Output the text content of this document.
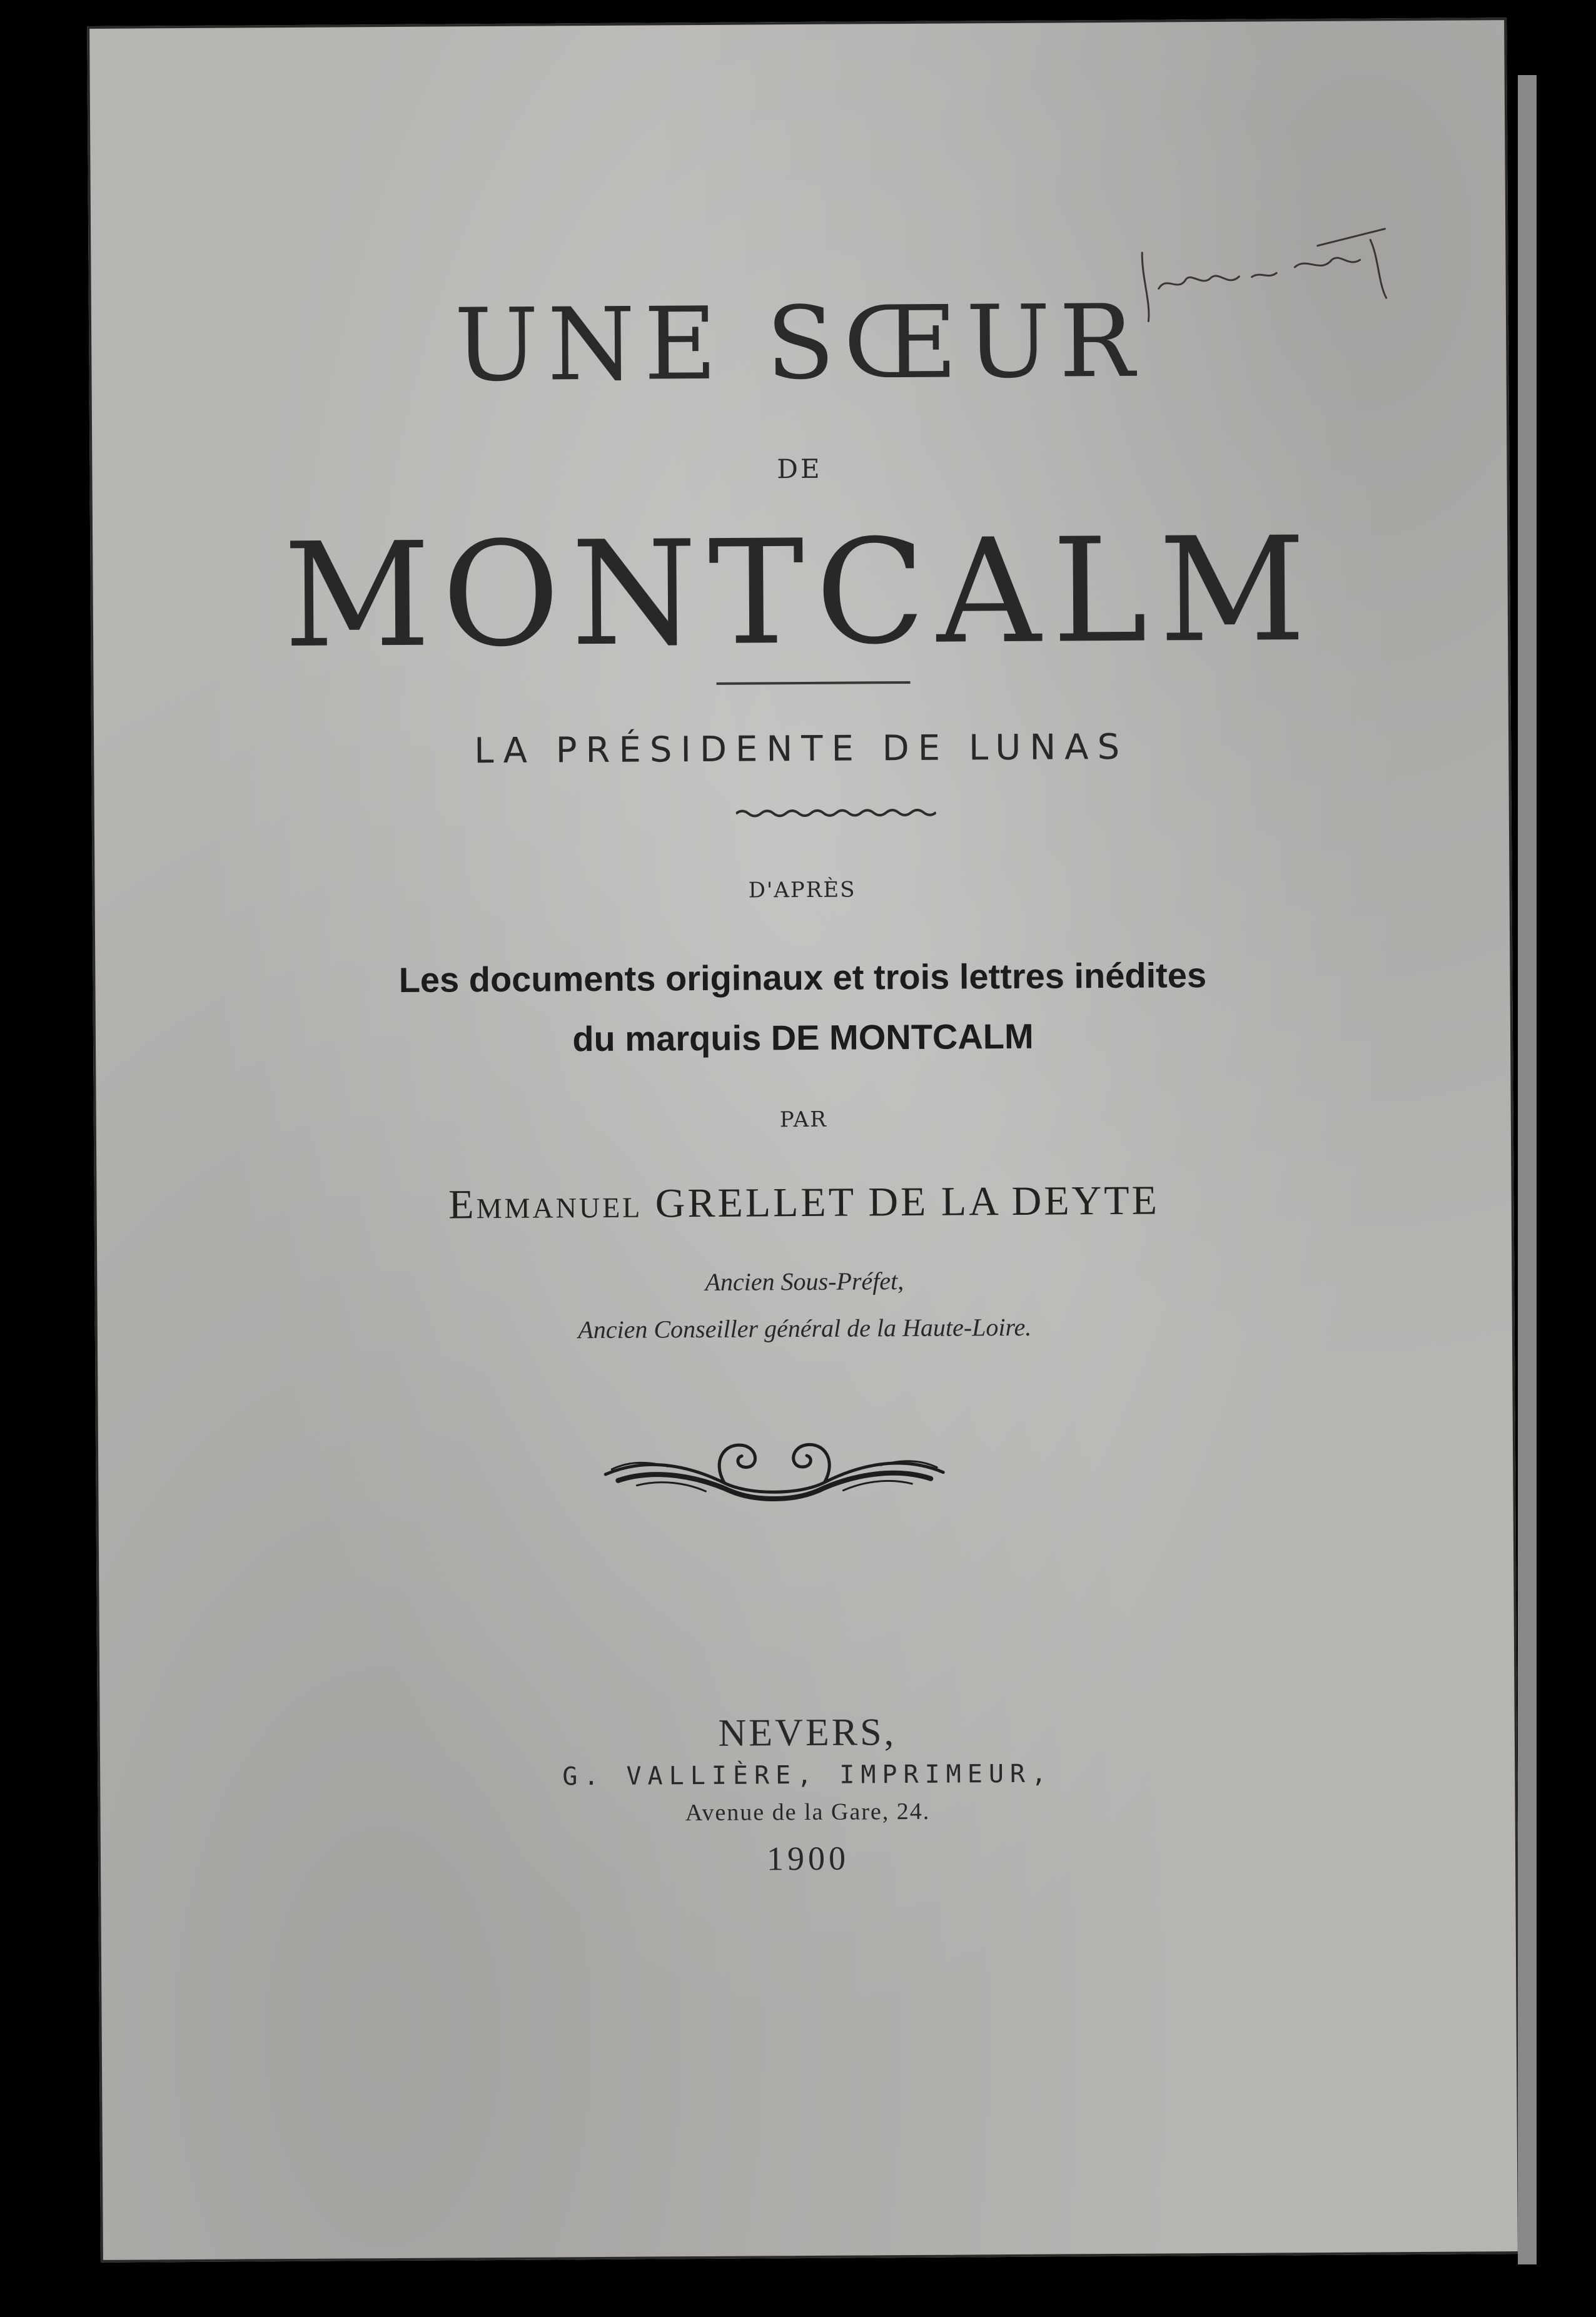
UNE SŒUR
DE
MONTCALM
LA PRÉSIDENTE DE LUNAS
D'APRÈS
Les documents originaux et trois lettres inédites
du marquis DE MONTCALM
PAR
Emmanuel GRELLET DE LA DEYTE
Ancien Sous-Préfet,
Ancien Conseiller général de la Haute-Loire.
NEVERS,
G. VALLIÈRE, IMPRIMEUR,
Avenue de la Gare, 24.
1900
